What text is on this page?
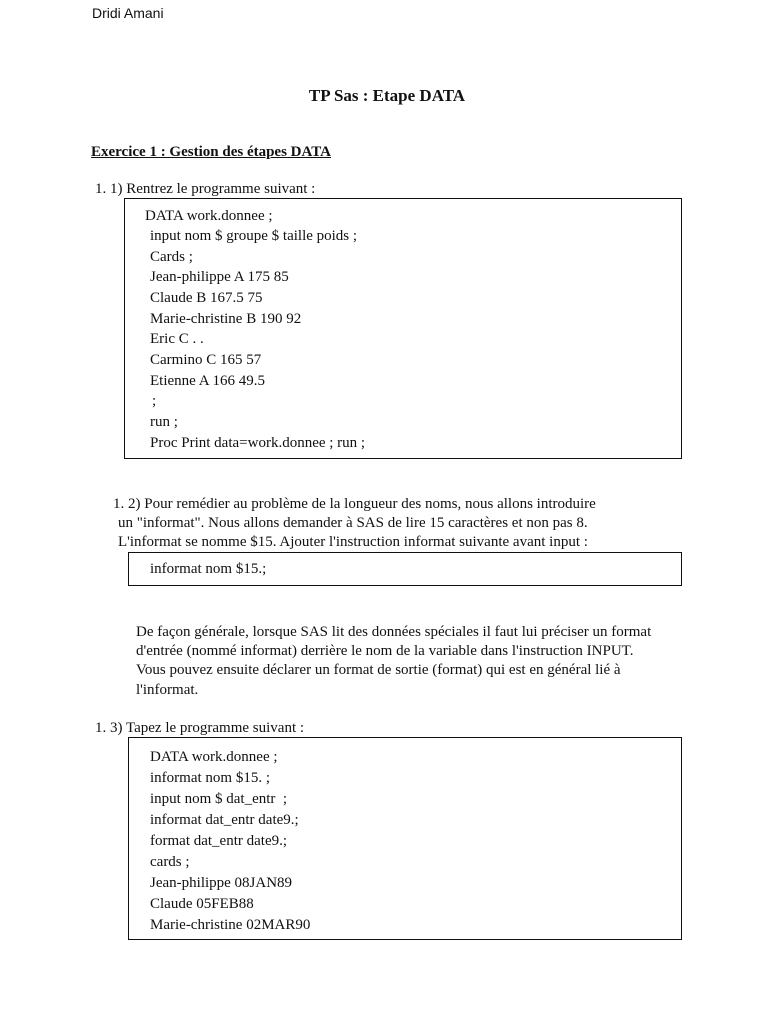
Dridi Amani
TP Sas : Etape DATA
Exercice 1 : Gestion des étapes DATA
1. 1) Rentrez le programme suivant :
DATA work.donnee ;
input nom $ groupe $ taille poids ;
Cards ;
Jean-philippe A 175 85
Claude B 167.5 75
Marie-christine B 190 92
Eric C . .
Carmino C 165 57
Etienne A 166 49.5
;
run ;
Proc Print data=work.donnee ; run ;
1. 2) Pour remédier au problème de la longueur des noms, nous allons introduire
un "informat". Nous allons demander à SAS de lire 15 caractères et non pas 8.
L'informat se nomme $15. Ajouter l'instruction informat suivante avant input :
informat nom $15.;
De façon générale, lorsque SAS lit des données spéciales il faut lui préciser un format
d'entrée (nommé informat) derrière le nom de la variable dans l'instruction INPUT.
Vous pouvez ensuite déclarer un format de sortie (format) qui est en général lié à
l'informat.
1. 3) Tapez le programme suivant :
DATA work.donnee ;
informat nom $15. ;
input nom $ dat_entr  ;
informat dat_entr date9.;
format dat_entr date9.;
cards ;
Jean-philippe 08JAN89
Claude 05FEB88
Marie-christine 02MAR90
